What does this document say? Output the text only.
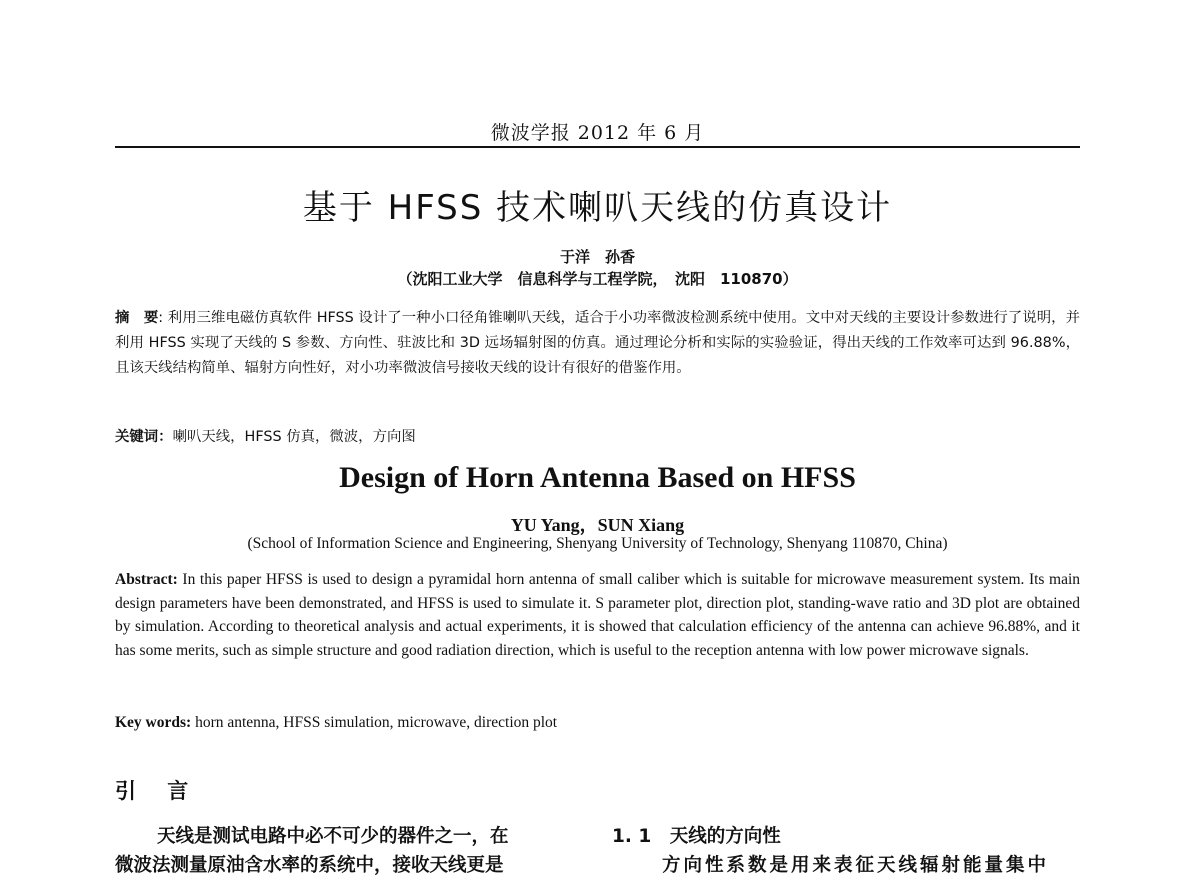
微波学报 2012 年 6 月
基于 HFSS 技术喇叭天线的仿真设计
于洋　孙香
（沈阳工业大学　信息科学与工程学院，　沈阳　110870）
摘　要: 利用三维电磁仿真软件 HFSS 设计了一种小口径角锥喇叭天线，适合于小功率微波检测系统中使用。文中对天线的主要设计参数进行了说明，并利用 HFSS 实现了天线的 S 参数、方向性、驻波比和 3D 远场辐射图的仿真。通过理论分析和实际的实验验证，得出天线的工作效率可达到 96.88%，且该天线结构简单、辐射方向性好，对小功率微波信号接收天线的设计有很好的借鉴作用。
关键词：喇叭天线，HFSS 仿真，微波，方向图
Design of Horn Antenna Based on HFSS
YU Yang，SUN Xiang
(School of Information Science and Engineering, Shenyang University of Technology, Shenyang 110870, China)
Abstract: In this paper HFSS is used to design a pyramidal horn antenna of small caliber which is suitable for microwave measurement system. Its main design parameters have been demonstrated, and HFSS is used to simulate it. S parameter plot, direction plot, standing-wave ratio and 3D plot are obtained by simulation. According to theoretical analysis and actual experiments, it is showed that calculation efficiency of the antenna can achieve 96.88%, and it has some merits, such as simple structure and good radiation direction, which is useful to the reception antenna with low power microwave signals.
Key words: horn antenna, HFSS simulation, microwave, direction plot
引 言
天线是测试电路中必不可少的器件之一，在
微波法测量原油含水率的系统中，接收天线更是
1. 1　天线的方向性
方向性系数是用来表征天线辐射能量集中
